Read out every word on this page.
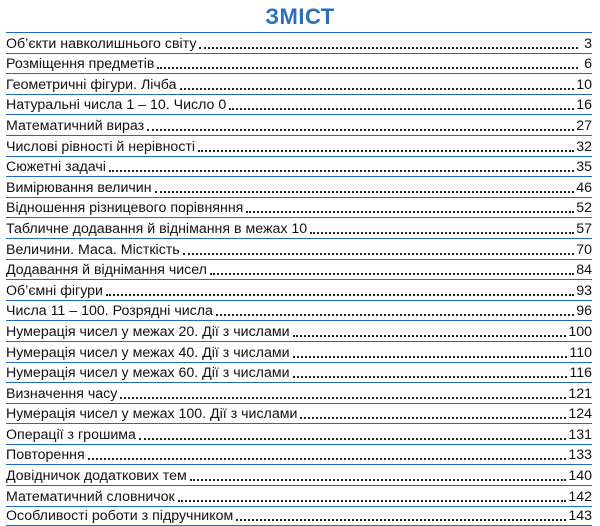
ЗМІСТ
Об’єкти навколишнього світу	3
Розміщення предметів	6
Геометричні фігури. Лічба	10
Натуральні числа 1 – 10. Число 0	16
Математичний вираз	27
Числові рівності й нерівності	32
Сюжетні задачі	35
Вимірювання величин	46
Відношення різницевого порівняння	52
Табличне додавання й віднімання в межах 10	57
Величини. Маса. Місткість	70
Додавання й віднімання чисел	84
Об’ємні фігури	93
Числа 11 – 100. Розрядні числа	96
Нумерація чисел у межах 20. Дії з числами	100
Нумерація чисел у межах 40. Дії з числами	110
Нумерація чисел у межах 60. Дії з числами	116
Визначення часу	121
Нумерація чисел у межах 100. Дії з числами	124
Операції з грошима	131
Повторення	133
Довідничок додаткових тем	140
Математичний словничок	142
Особливості роботи з підручником	143
